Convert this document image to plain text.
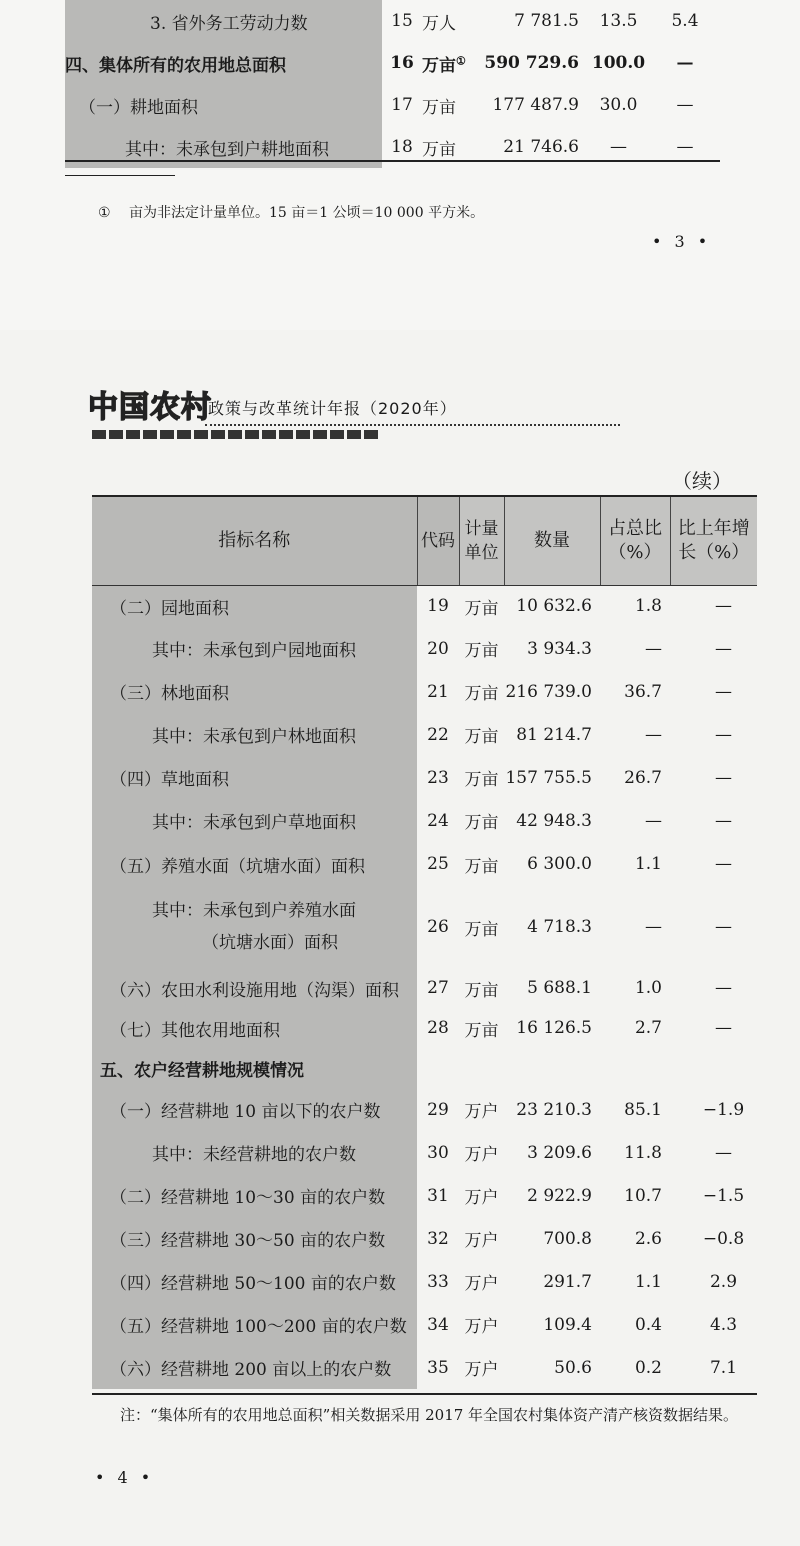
3. 省外务工劳动力数	15	万人	7 781.5	13.5	5.4
四、集体所有的农用地总面积	16	万亩①	590 729.6	100.0	—
（一）耕地面积	17	万亩	177 487.9	30.0	—
其中：未承包到户耕地面积	18	万亩	21 746.6	—	—
① 亩为非法定计量单位。15 亩＝1 公顷＝10 000 平方米。
• 3 •
中国农村
政策与改革统计年报（2020年）
（续）
指标名称	代码	计量单位	数量	占总比（%）	比上年增长（%）
（二）园地面积	19	万亩	10 632.6	1.8	—
其中：未承包到户园地面积	20	万亩	3 934.3	—	—
（三）林地面积	21	万亩	216 739.0	36.7	—
其中：未承包到户林地面积	22	万亩	81 214.7	—	—
（四）草地面积	23	万亩	157 755.5	26.7	—
其中：未承包到户草地面积	24	万亩	42 948.3	—	—
（五）养殖水面（坑塘水面）面积	25	万亩	6 300.0	1.1	—

其中：未承包到户养殖水面
（坑塘水面）面积	26	万亩	4 718.3	—	—
（六）农田水利设施用地（沟渠）面积	27	万亩	5 688.1	1.0	—
（七）其他农用地面积	28	万亩	16 126.5	2.7	—
五、农户经营耕地规模情况					
（一）经营耕地 10 亩以下的农户数	29	万户	23 210.3	85.1	−1.9
其中：未经营耕地的农户数	30	万户	3 209.6	11.8	—
（二）经营耕地 10～30 亩的农户数	31	万户	2 922.9	10.7	−1.5
（三）经营耕地 30～50 亩的农户数	32	万户	700.8	2.6	−0.8
（四）经营耕地 50～100 亩的农户数	33	万户	291.7	1.1	2.9
（五）经营耕地 100～200 亩的农户数	34	万户	109.4	0.4	4.3
（六）经营耕地 200 亩以上的农户数	35	万户	50.6	0.2	7.1
注：“集体所有的农用地总面积”相关数据采用 2017 年全国农村集体资产清产核资数据结果。
• 4 •
